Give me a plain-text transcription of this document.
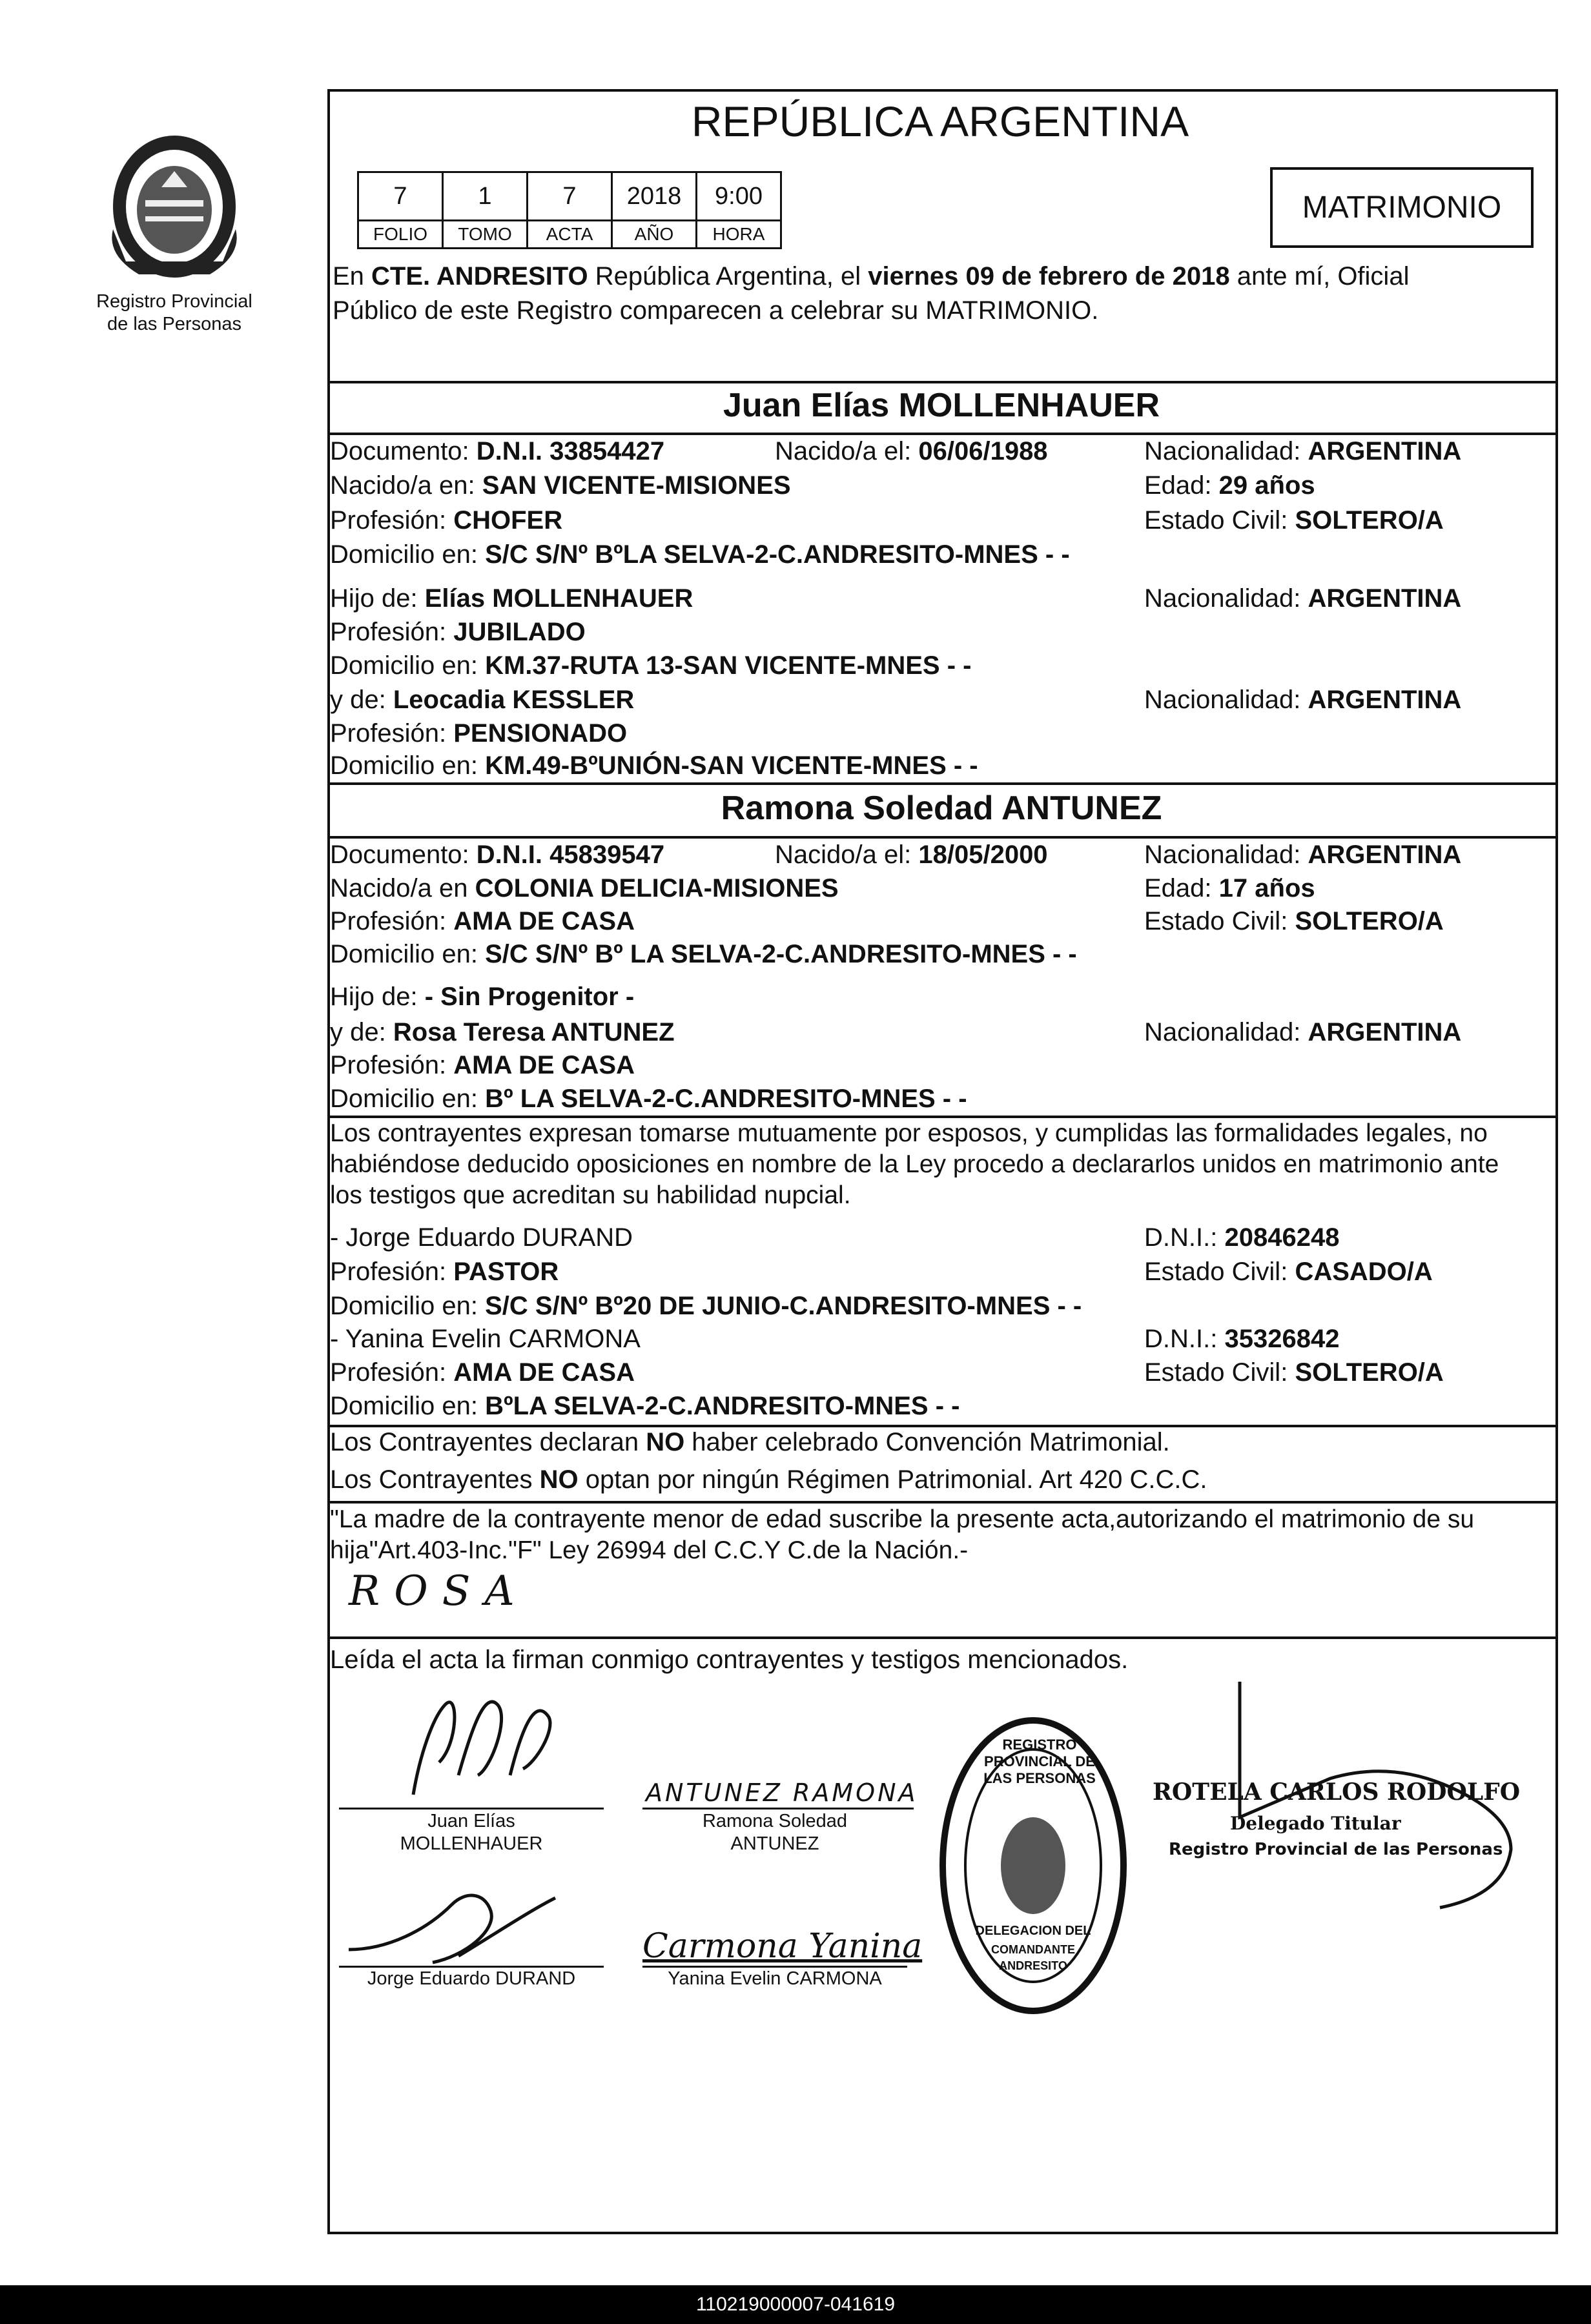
Registro Provincial
de las Personas
REPÚBLICA ARGENTINA
7	1	7	2018	9:00
FOLIO	TOMO	ACTA	AÑO	HORA
MATRIMONIO
En CTE. ANDRESITO República Argentina, el viernes 09 de febrero de 2018 ante mí, Oficial
Público de este Registro comparecen a celebrar su MATRIMONIO.
Juan Elías MOLLENHAUER
Documento: D.N.I. 33854427	Nacido/a el: 06/06/1988	Nacionalidad: ARGENTINA
Nacido/a en: SAN VICENTE-MISIONES	Edad: 29 años
Profesión: CHOFER	Estado Civil: SOLTERO/A
Domicilio en: S/C S/Nº BºLA SELVA-2-C.ANDRESITO-MNES - -
Hijo de: Elías MOLLENHAUER	Nacionalidad: ARGENTINA
Profesión: JUBILADO
Domicilio en: KM.37-RUTA 13-SAN VICENTE-MNES - -
y de: Leocadia KESSLER	Nacionalidad: ARGENTINA
Profesión: PENSIONADO
Domicilio en: KM.49-BºUNIÓN-SAN VICENTE-MNES - -
Ramona Soledad ANTUNEZ
Documento: D.N.I. 45839547	Nacido/a el: 18/05/2000	Nacionalidad: ARGENTINA
Nacido/a en COLONIA DELICIA-MISIONES	Edad: 17 años
Profesión: AMA DE CASA	Estado Civil: SOLTERO/A
Domicilio en: S/C S/Nº Bº LA SELVA-2-C.ANDRESITO-MNES - -
Hijo de: - Sin Progenitor -
y de: Rosa Teresa ANTUNEZ	Nacionalidad: ARGENTINA
Profesión: AMA DE CASA
Domicilio en: Bº LA SELVA-2-C.ANDRESITO-MNES - -
Los contrayentes expresan tomarse mutuamente por esposos, y cumplidas las formalidades legales, no
habiéndose deducido oposiciones en nombre de la Ley procedo a declararlos unidos en matrimonio ante
los testigos que acreditan su habilidad nupcial.
- Jorge Eduardo DURAND	D.N.I.: 20846248
Profesión: PASTOR	Estado Civil: CASADO/A
Domicilio en: S/C S/Nº Bº20 DE JUNIO-C.ANDRESITO-MNES - -
- Yanina Evelin CARMONA	D.N.I.: 35326842
Profesión: AMA DE CASA	Estado Civil: SOLTERO/A
Domicilio en: BºLA SELVA-2-C.ANDRESITO-MNES - -
Los Contrayentes declaran NO haber celebrado Convención Matrimonial.
Los Contrayentes NO optan por ningún Régimen Patrimonial. Art 420 C.C.C.
"La madre de la contrayente menor de edad suscribe la presente acta,autorizando el matrimonio de su
hija"Art.403-Inc."F" Ley 26994 del C.C.Y C.de la Nación.-
ROSA
Leída el acta la firman conmigo contrayentes y testigos mencionados.
Juan Elías
MOLLENHAUER
ANTUNEZ RAMONA
Ramona Soledad
ANTUNEZ
Jorge Eduardo DURAND
Carmona Yanina
Yanina Evelin CARMONA
REGISTRO PROVINCIAL DE LAS PERSONAS
DELEGACION DEL
COMANDANTE
ANDRESITO
ROTELA CARLOS RODOLFO
Delegado Titular
Registro Provincial de las Personas
110219000007-041619
